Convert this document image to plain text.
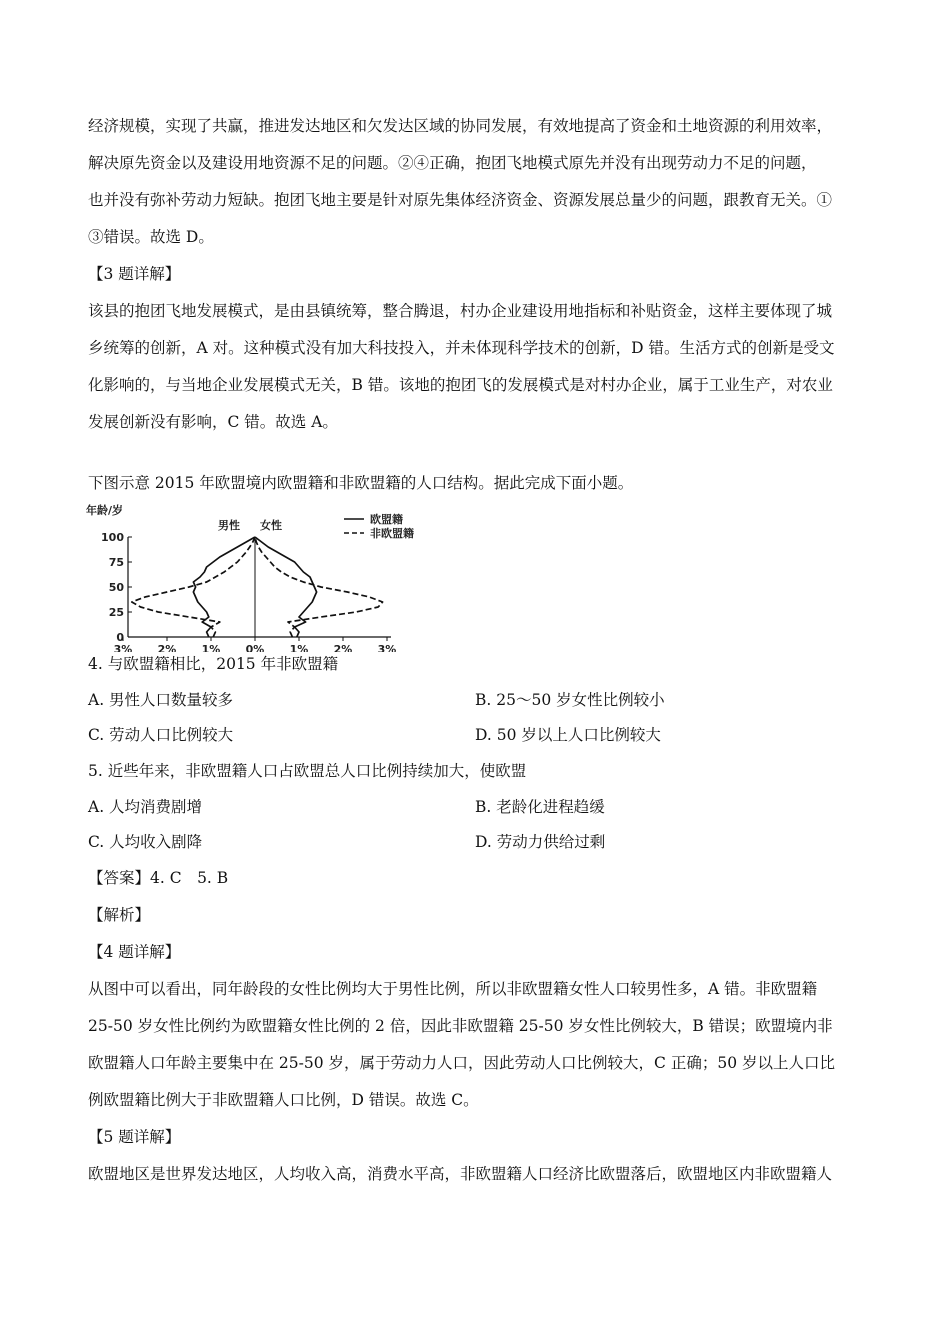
经济规模，实现了共赢，推进发达地区和欠发达区域的协同发展，有效地提高了资金和土地资源的利用效率，

解决原先资金以及建设用地资源不足的问题。②④正确，抱团飞地模式原先并没有出现劳动力不足的问题，

也并没有弥补劳动力短缺。抱团飞地主要是针对原先集体经济资金、资源发展总量少的问题，跟教育无关。①

③错误。故选 D。

【3 题详解】

该县的抱团飞地发展模式，是由县镇统筹，整合腾退，村办企业建设用地指标和补贴资金，这样主要体现了城

乡统筹的创新，A 对。这种模式没有加大科技投入，并未体现科学技术的创新，D 错。生活方式的创新是受文

化影响的，与当地企业发展模式无关，B 错。该地的抱团飞的发展模式是对村办企业，属于工业生产，对农业

发展创新没有影响，C 错。故选 A。

下图示意 2015 年欧盟境内欧盟籍和非欧盟籍的人口结构。据此完成下面小题。

100
75
50
25
0
3% 2% 1% 0% 1% 2% 3%
年龄/岁
男性 女性	欧盟籍
非欧盟籍

4. 与欧盟籍相比，2015 年非欧盟籍

A. 男性人口数量较多	B. 25～50 岁女性比例较小
C. 劳动人口比例较大	D. 50 岁以上人口比例较大

5. 近些年来，非欧盟籍人口占欧盟总人口比例持续加大，使欧盟

A. 人均消费剧增	B. 老龄化进程趋缓
C. 人均收入剧降	D. 劳动力供给过剩

【答案】4. C　5. B

【解析】

【4 题详解】

从图中可以看出，同年龄段的女性比例均大于男性比例，所以非欧盟籍女性人口较男性多，A 错。非欧盟籍

25-50 岁女性比例约为欧盟籍女性比例的 2 倍，因此非欧盟籍 25-50 岁女性比例较大，B 错误；欧盟境内非

欧盟籍人口年龄主要集中在 25-50 岁，属于劳动力人口，因此劳动人口比例较大，C 正确；50 岁以上人口比

例欧盟籍比例大于非欧盟籍人口比例，D 错误。故选 C。

【5 题详解】

欧盟地区是世界发达地区，人均收入高，消费水平高，非欧盟籍人口经济比欧盟落后，欧盟地区内非欧盟籍人
